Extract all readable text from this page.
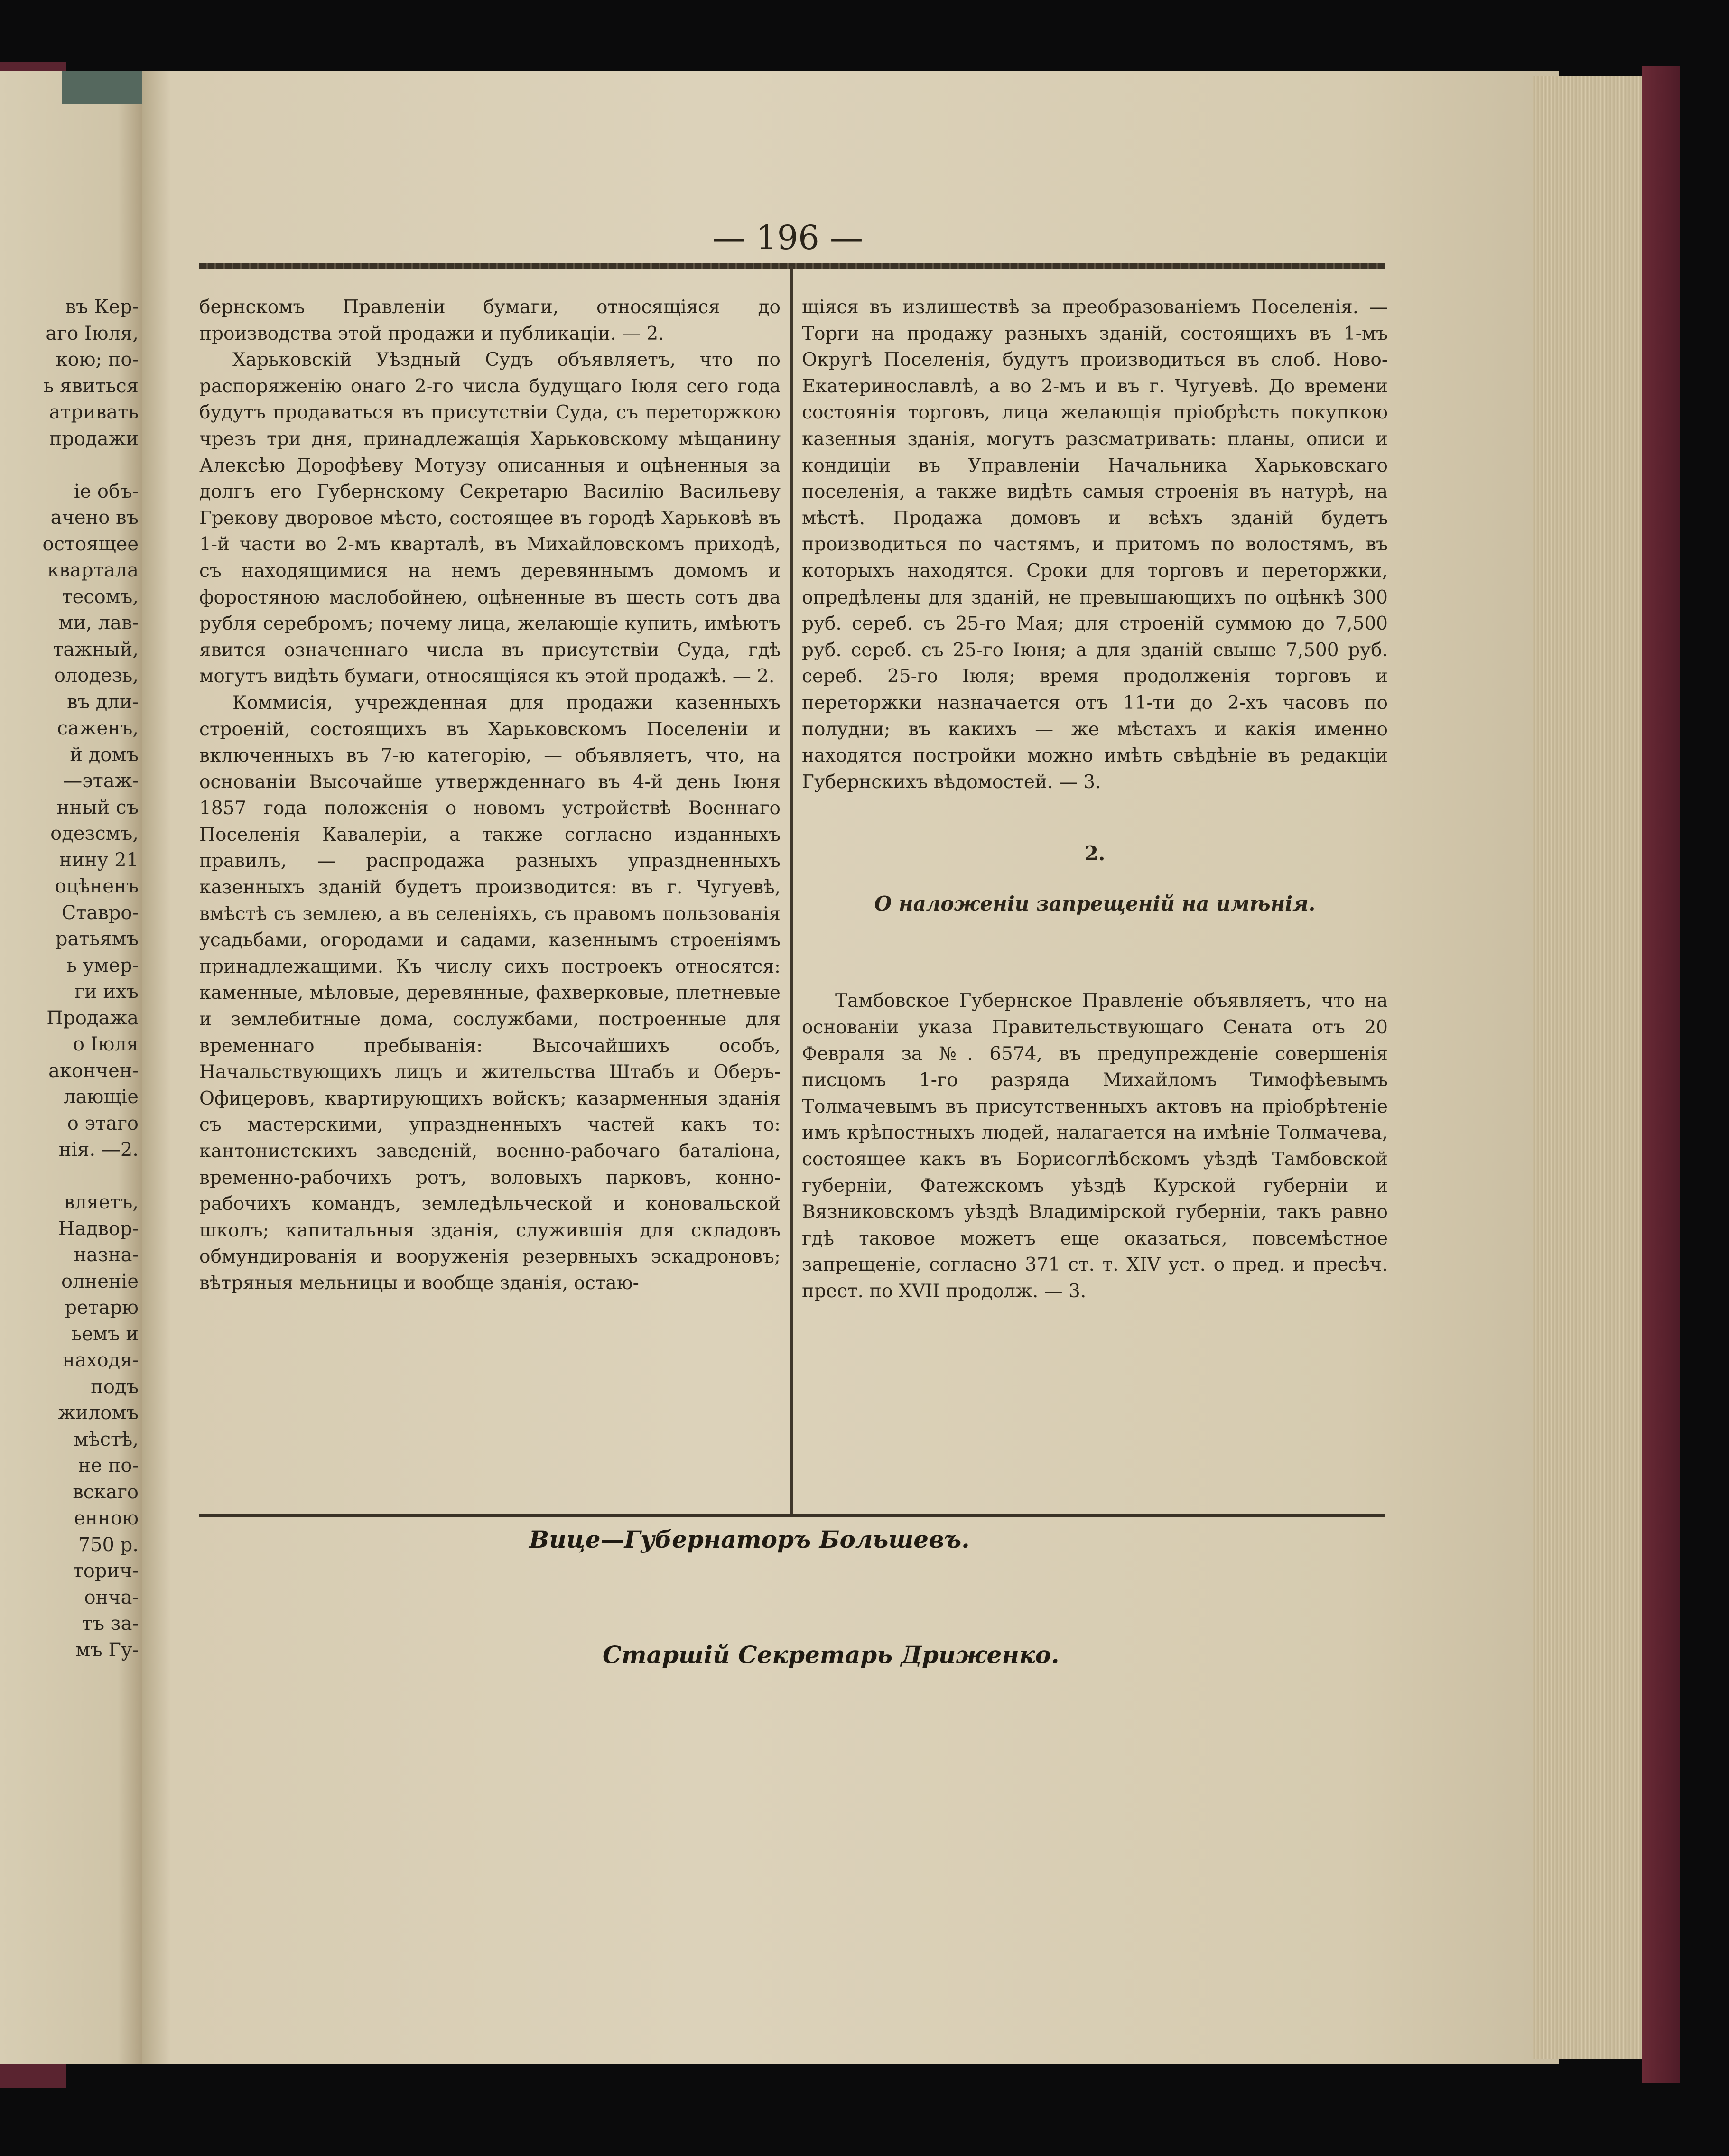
въ Кер-
аго Іюля,
кою; по-
ь явиться
атривать
продажи
іе объ-
ачено въ
остоящее
квартала
тесомъ,
ми, лав-
тажный,
олодезь,
въ дли-
саженъ,
й домъ
—этаж-
нный съ
одезсмъ,
нину 21
оцѣненъ
Ставро-
ратьямъ
ь умер-
ги ихъ
Продажа
о Іюля
акончен-
лающіе
о этаго
нія. —2.
вляетъ,
Надвор-
назна-
олненіе
ретарю
ьемъ и
находя-
подъ
жиломъ
мѣстѣ,
не по-
вскаго
енною
750 р.
торич-
ончa-
тъ за-
мъ Гу-
— 196 —

бернскомъ Правленіи бумаги, относящіяся до производства этой продажи и публикаціи. — 2.

Харьковскій Уѣздный Судъ объявляетъ, что по распоряженію онаго 2-го числа будущаго Іюля сего года будутъ продаваться въ присутствіи Суда, съ переторжкою чрезъ три дня, принадлежащія Харьковскому мѣщанину Алексѣю Дорофѣеву Мотузу описанныя и оцѣненныя за долгъ его Губернскому Секретарю Василію Васильеву Грекову дворовое мѣсто, состоящее въ городѣ Харьковѣ въ 1-й части во 2-мъ кварталѣ, въ Михайловскомъ приходѣ, съ находящимися на немъ деревяннымъ домомъ и форостяною маслобойнею, оцѣненные въ шесть сотъ два рубля серебромъ; почему лица, желающіе купить, имѣютъ явится означеннаго числа въ присутствіи Суда, гдѣ могутъ видѣть бумаги, относящіяся къ этой продажѣ. — 2.

Коммисія, учрежденная для продажи казенныхъ строеній, состоящихъ въ Харьковскомъ Поселеніи и включенныхъ въ 7-ю категорію, — объявляетъ, что, на основаніи Высочайше утвержденнаго въ 4-й день Іюня 1857 года положенія о новомъ устройствѣ Военнаго Поселенія Кавалеріи, а также согласно изданныхъ правилъ, — распродажа разныхъ упраздненныхъ казенныхъ зданій будетъ производится: въ г. Чугуевѣ, вмѣстѣ съ землею, а въ селеніяхъ, съ правомъ пользованія усадьбами, огородами и садами, казеннымъ строеніямъ принадлежащими. Къ числу сихъ построекъ относятся: каменные, мѣловые, деревянные, фахверковые, плетневые и землебитные дома, сослужбами, построенные для временнаго пребыванія: Высочайшихъ особъ, Начальствующихъ лицъ и жительства Штабъ и Оберъ-Офицеровъ, квартирующихъ войскъ; казарменныя зданія съ мастерскими, упраздненныхъ частей какъ то: кантонистскихъ заведеній, военно-рабочаго баталіона, временно-рабочихъ ротъ, воловыхъ парковъ, конно-рабочихъ командъ, земледѣльческой и коновальской школъ; капитальныя зданія, служившія для складовъ обмундированія и вооруженія резервныхъ эскадроновъ; вѣтряныя мельницы и вообще зданія, остаю-

щіяся въ излишествѣ за преобразованіемъ Поселенія. — Торги на продажу разныхъ зданій, состоящихъ въ 1-мъ Округѣ Поселенія, будутъ производиться въ слоб. Ново-Екатеринославлѣ, а во 2-мъ и въ г. Чугуевѣ. До времени состоянія торговъ, лица желающія пріобрѣсть покупкою казенныя зданія, могутъ разсматривать: планы, описи и кондиціи въ Управленіи Начальника Харьковскаго поселенія, а также видѣть самыя строенія въ натурѣ, на мѣстѣ. Продажа домовъ и всѣхъ зданій будетъ производиться по частямъ, и притомъ по волостямъ, въ которыхъ находятся. Сроки для торговъ и переторжки, опредѣлены для зданій, не превышающихъ по оцѣнкѣ 300 руб. сереб. съ 25-го Мая; для строеній суммою до 7,500 руб. сереб. съ 25-го Іюня; а для зданій свыше 7,500 руб. сереб. 25-го Іюля; время продолженія торговъ и переторжки назначается отъ 11-ти до 2-хъ часовъ по полудни; въ какихъ — же мѣстахъ и какія именно находятся постройки можно имѣть свѣдѣніе въ редакціи Губернскихъ вѣдомостей. — 3.

2.
О наложеніи запрещеній на имѣнія.

Тамбовское Губернское Правленіе объявляетъ, что на основаніи указа Правительствующаго Сената отъ 20 Февраля за №. 6574, въ предупрежденіе совершенія писцомъ 1-го разряда Михайломъ Тимофѣевымъ Толмачевымъ въ присутственныхъ актовъ на пріобрѣтеніе имъ крѣпостныхъ людей, налагается на имѣніе Толмачева, состоящее какъ въ Борисоглѣбскомъ уѣздѣ Тамбовской губерніи, Фатежскомъ уѣздѣ Курской губерніи и Вязниковскомъ уѣздѣ Владимірской губерніи, такъ равно гдѣ таковое можетъ еще оказаться, повсемѣстное запрещеніе, согласно 371 ст. т. XIV уст. о пред. и пресѣч. прест. по XVII продолж. — 3.

Вице—Губернаторъ Большевъ.
Старшій Секретарь Дриженко.
